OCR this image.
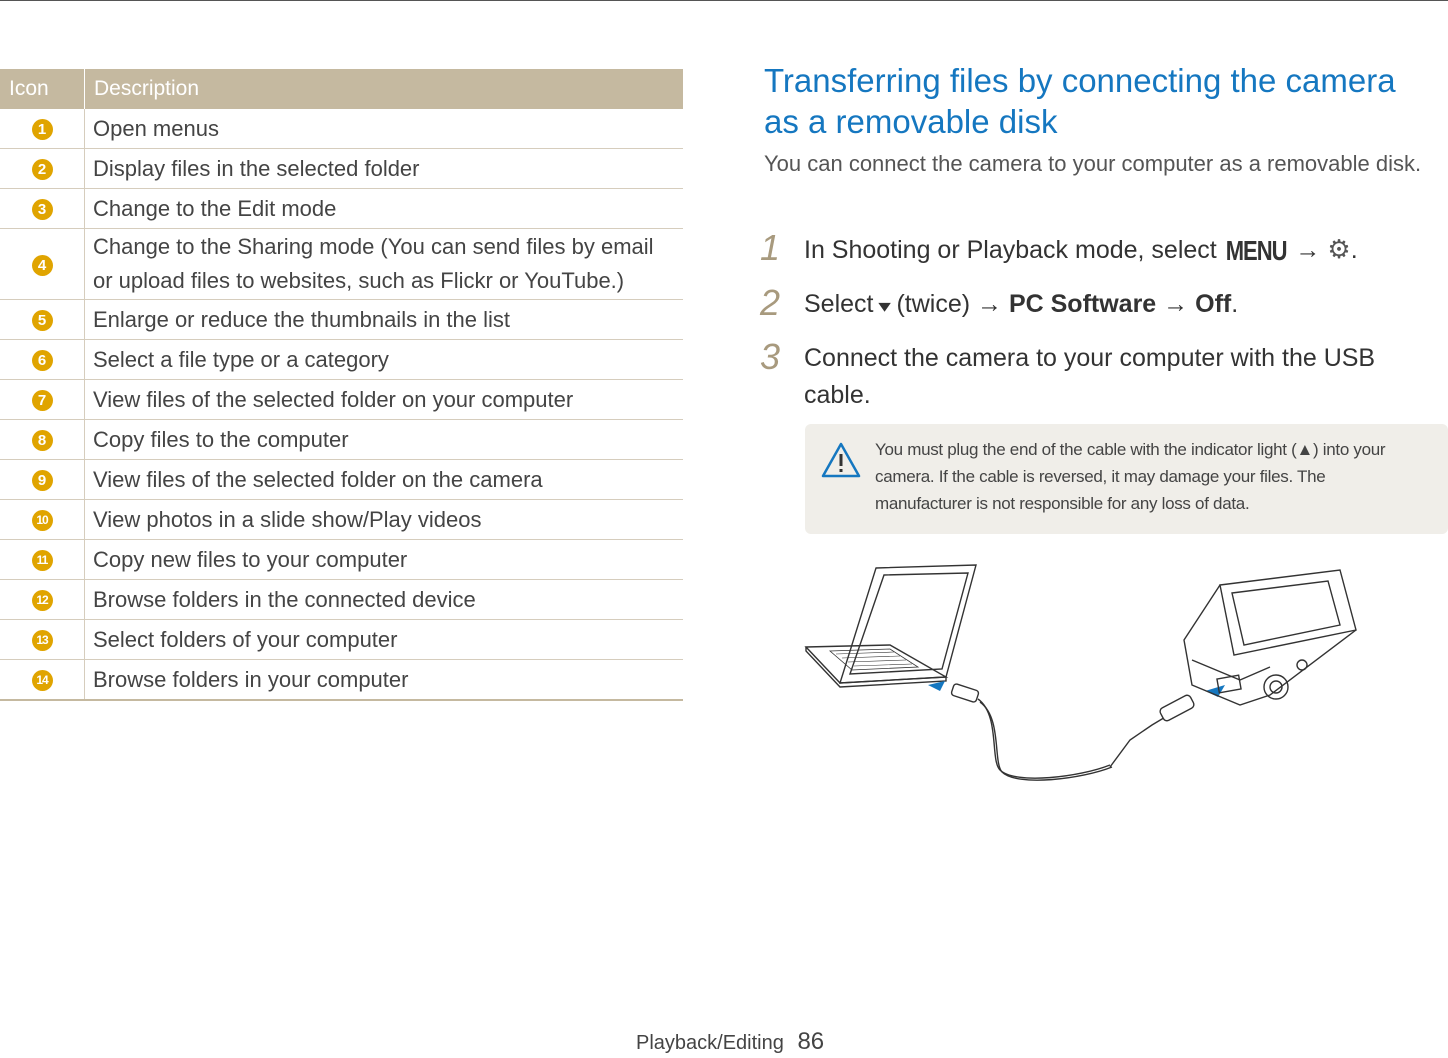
Icon	Description
1	Open menus
2	Display files in the selected folder
3	Change to the Edit mode
4	Change to the Sharing mode (You can send files by email or upload files to websites, such as Flickr or YouTube.)
5	Enlarge or reduce the thumbnails in the list
6	Select a file type or a category
7	View files of the selected folder on your computer
8	Copy files to the computer
9	View files of the selected folder on the camera
10	View photos in a slide show/Play videos
11	Copy new files to your computer
12	Browse folders in the connected device
13	Select folders of your computer
14	Browse folders in your computer
Transferring files by connecting the camera as a removable disk

You can connect the camera to your computer as a removable disk.

1 In Shooting or Playback mode, select MENU → ⚙.
2 Select ▾ (twice) → PC Software → Off.
3 Connect the camera to your computer with the USB cable.

You must plug the end of the cable with the indicator light (▲) into your camera. If the cable is reversed, it may damage your files. The manufacturer is not responsible for any loss of data.

Playback/Editing 86
